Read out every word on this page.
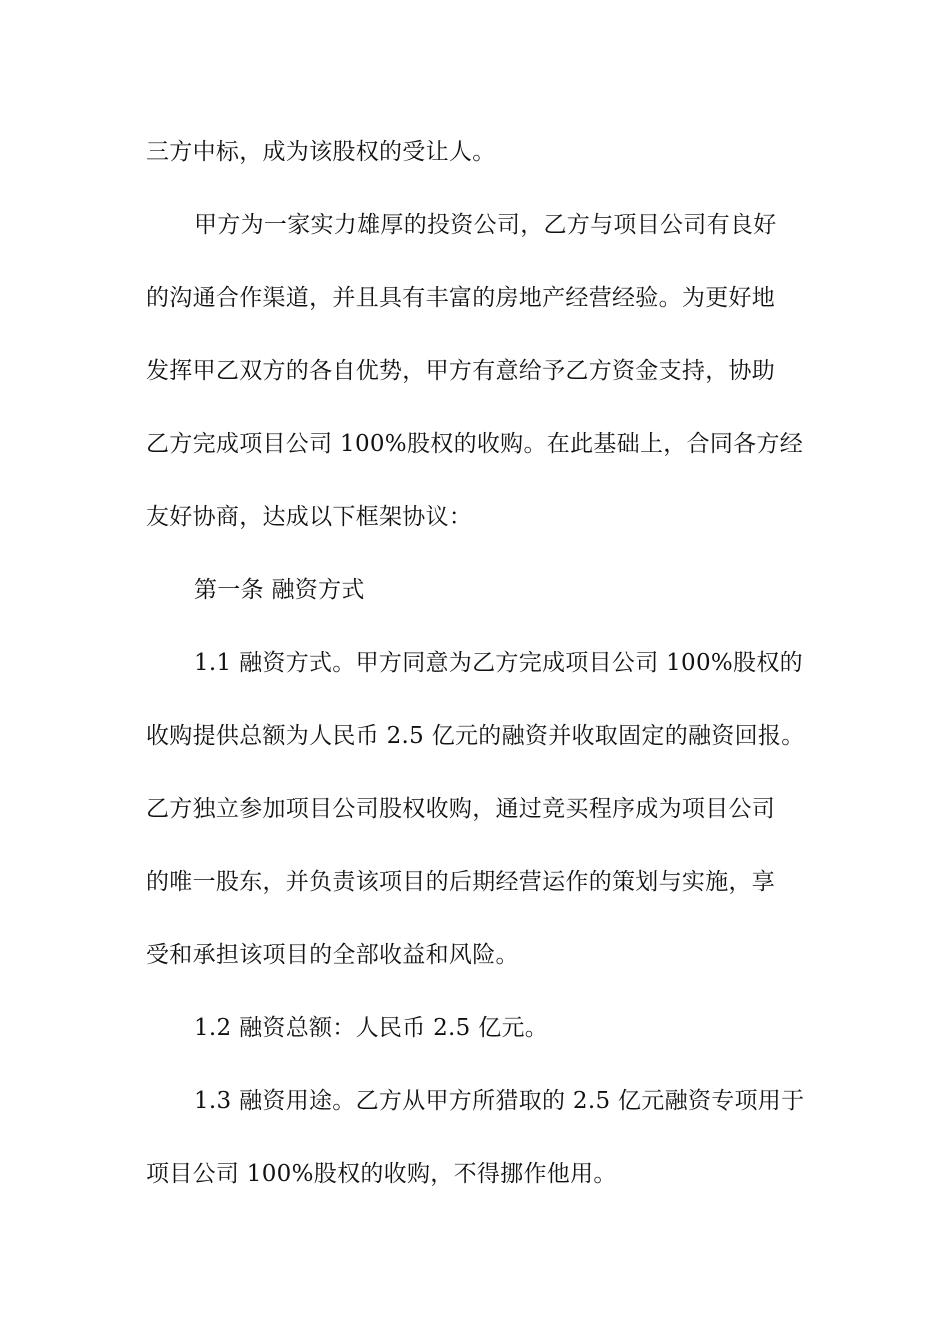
三方中标，成为该股权的受让人。
甲方为一家实力雄厚的投资公司，乙方与项目公司有良好
的沟通合作渠道，并且具有丰富的房地产经营经验。为更好地
发挥甲乙双方的各自优势，甲方有意给予乙方资金支持，协助
乙方完成项目公司 100%股权的收购。在此基础上，合同各方经
友好协商，达成以下框架协议：
第一条 融资方式
1.1 融资方式。甲方同意为乙方完成项目公司 100%股权的
收购提供总额为人民币 2.5 亿元的融资并收取固定的融资回报。
乙方独立参加项目公司股权收购，通过竞买程序成为项目公司
的唯一股东，并负责该项目的后期经营运作的策划与实施，享
受和承担该项目的全部收益和风险。
1.2 融资总额：人民币 2.5 亿元。
1.3 融资用途。乙方从甲方所猎取的 2.5 亿元融资专项用于
项目公司 100%股权的收购，不得挪作他用。
